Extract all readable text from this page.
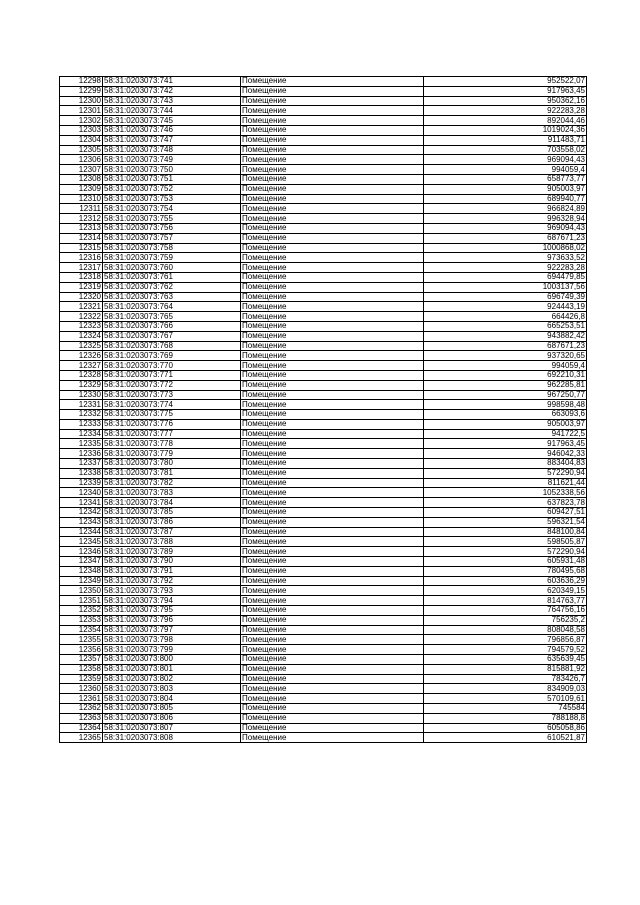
12298	58:31:0203073:741	Помещение	952522,07
12299	58:31:0203073:742	Помещение	917963,45
12300	58:31:0203073:743	Помещение	950362,16
12301	58:31:0203073:744	Помещение	922283,28
12302	58:31:0203073:745	Помещение	892044,46
12303	58:31:0203073:746	Помещение	1019024,36
12304	58:31:0203073:747	Помещение	911483,71
12305	58:31:0203073:748	Помещение	703558,02
12306	58:31:0203073:749	Помещение	969094,43
12307	58:31:0203073:750	Помещение	994059,4
12308	58:31:0203073:751	Помещение	658773,77
12309	58:31:0203073:752	Помещение	905003,97
12310	58:31:0203073:753	Помещение	689940,77
12311	58:31:0203073:754	Помещение	966824,89
12312	58:31:0203073:755	Помещение	996328,94
12313	58:31:0203073:756	Помещение	969094,43
12314	58:31:0203073:757	Помещение	687671,23
12315	58:31:0203073:758	Помещение	1000868,02
12316	58:31:0203073:759	Помещение	973633,52
12317	58:31:0203073:760	Помещение	922283,28
12318	58:31:0203073:761	Помещение	694479,85
12319	58:31:0203073:762	Помещение	1003137,56
12320	58:31:0203073:763	Помещение	696749,39
12321	58:31:0203073:764	Помещение	924443,19
12322	58:31:0203073:765	Помещение	664426,8
12323	58:31:0203073:766	Помещение	665253,51
12324	58:31:0203073:767	Помещение	943882,42
12325	58:31:0203073:768	Помещение	687671,23
12326	58:31:0203073:769	Помещение	937320,65
12327	58:31:0203073:770	Помещение	994059,4
12328	58:31:0203073:771	Помещение	692210,31
12329	58:31:0203073:772	Помещение	962285,81
12330	58:31:0203073:773	Помещение	967250,77
12331	58:31:0203073:774	Помещение	998598,48
12332	58:31:0203073:775	Помещение	663093,6
12333	58:31:0203073:776	Помещение	905003,97
12334	58:31:0203073:777	Помещение	941722,5
12335	58:31:0203073:778	Помещение	917963,45
12336	58:31:0203073:779	Помещение	946042,33
12337	58:31:0203073:780	Помещение	883404,83
12338	58:31:0203073:781	Помещение	572290,94
12339	58:31:0203073:782	Помещение	811621,44
12340	58:31:0203073:783	Помещение	1052338,56
12341	58:31:0203073:784	Помещение	637823,78
12342	58:31:0203073:785	Помещение	609427,51
12343	58:31:0203073:786	Помещение	596321,54
12344	58:31:0203073:787	Помещение	848100,84
12345	58:31:0203073:788	Помещение	598505,87
12346	58:31:0203073:789	Помещение	572290,94
12347	58:31:0203073:790	Помещение	605931,48
12348	58:31:0203073:791	Помещение	780495,68
12349	58:31:0203073:792	Помещение	603636,29
12350	58:31:0203073:793	Помещение	620349,15
12351	58:31:0203073:794	Помещение	814763,77
12352	58:31:0203073:795	Помещение	764756,16
12353	58:31:0203073:796	Помещение	756235,2
12354	58:31:0203073:797	Помещение	808048,58
12355	58:31:0203073:798	Помещение	796856,87
12356	58:31:0203073:799	Помещение	794579,52
12357	58:31:0203073:800	Помещение	635639,45
12358	58:31:0203073:801	Помещение	815881,92
12359	58:31:0203073:802	Помещение	783426,7
12360	58:31:0203073:803	Помещение	834909,03
12361	58:31:0203073:804	Помещение	570109,61
12362	58:31:0203073:805	Помещение	745584
12363	58:31:0203073:806	Помещение	788188,8
12364	58:31:0203073:807	Помещение	605058,86
12365	58:31:0203073:808	Помещение	610521,87
